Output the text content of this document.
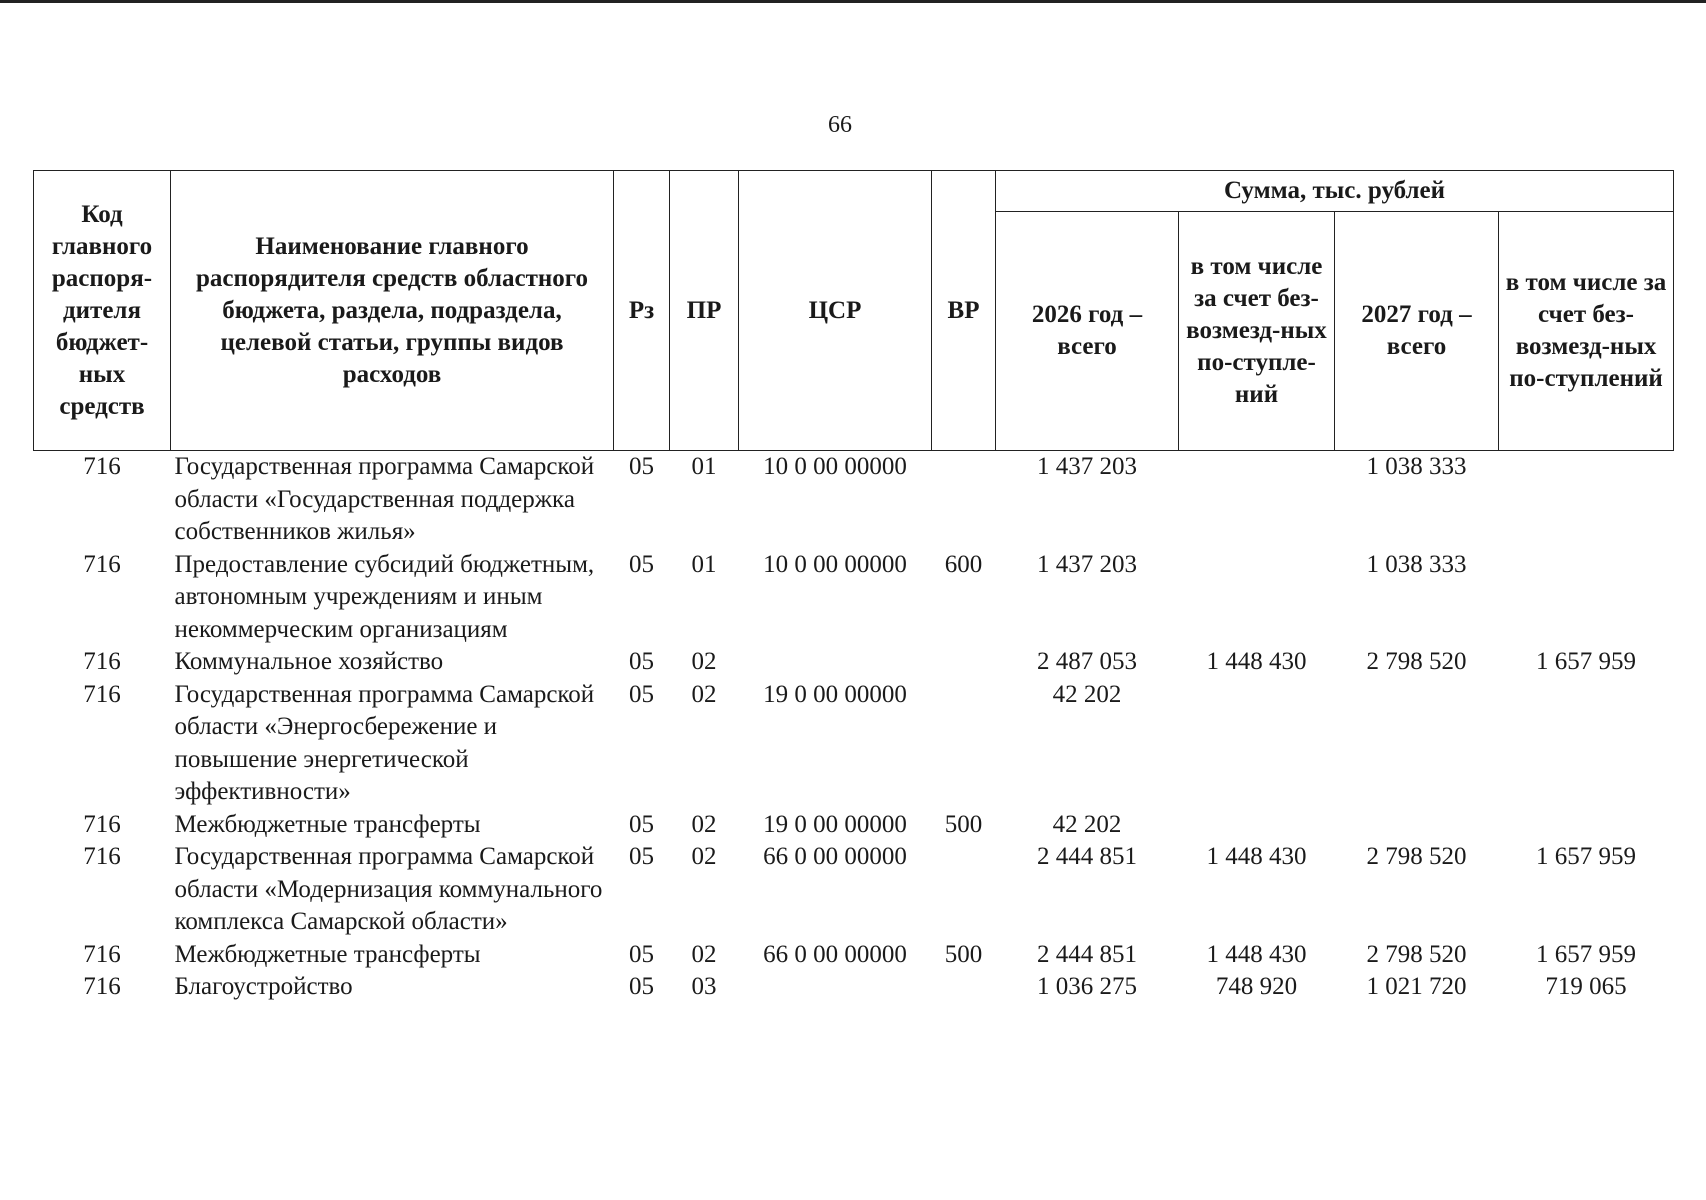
66
Код главного распоря-дителя бюджет-ных средств	Наименование главного распорядителя средств областного бюджета, раздела, подраздела, целевой статьи, группы видов расходов	Рз	ПР	ЦСР	ВР	Сумма, тыс. рублей			
						2026 год – всего	в том числе за счет без-возмезд-ных по-ступле-ний	2027 год – всего	в том числе за счет без-возмезд-ных по-ступлений
716	Государственная программа Самарской области «Государственная поддержка собственников жилья»	05	01	10 0 00 00000		1 437 203		1 038 333	
716	Предоставление субсидий бюджетным, автономным учреждениям и иным некоммерческим организациям	05	01	10 0 00 00000	600	1 437 203		1 038 333	
716	Коммунальное хозяйство	05	02			2 487 053	1 448 430	2 798 520	1 657 959
716	Государственная программа Самарской области «Энергосбережение и повышение энергетической эффективности»	05	02	19 0 00 00000		42 202			
716	Межбюджетные трансферты	05	02	19 0 00 00000	500	42 202			
716	Государственная программа Самарской области «Модернизация коммунального комплекса Самарской области»	05	02	66 0 00 00000		2 444 851	1 448 430	2 798 520	1 657 959
716	Межбюджетные трансферты	05	02	66 0 00 00000	500	2 444 851	1 448 430	2 798 520	1 657 959
716	Благоустройство	05	03			1 036 275	748 920	1 021 720	719 065
